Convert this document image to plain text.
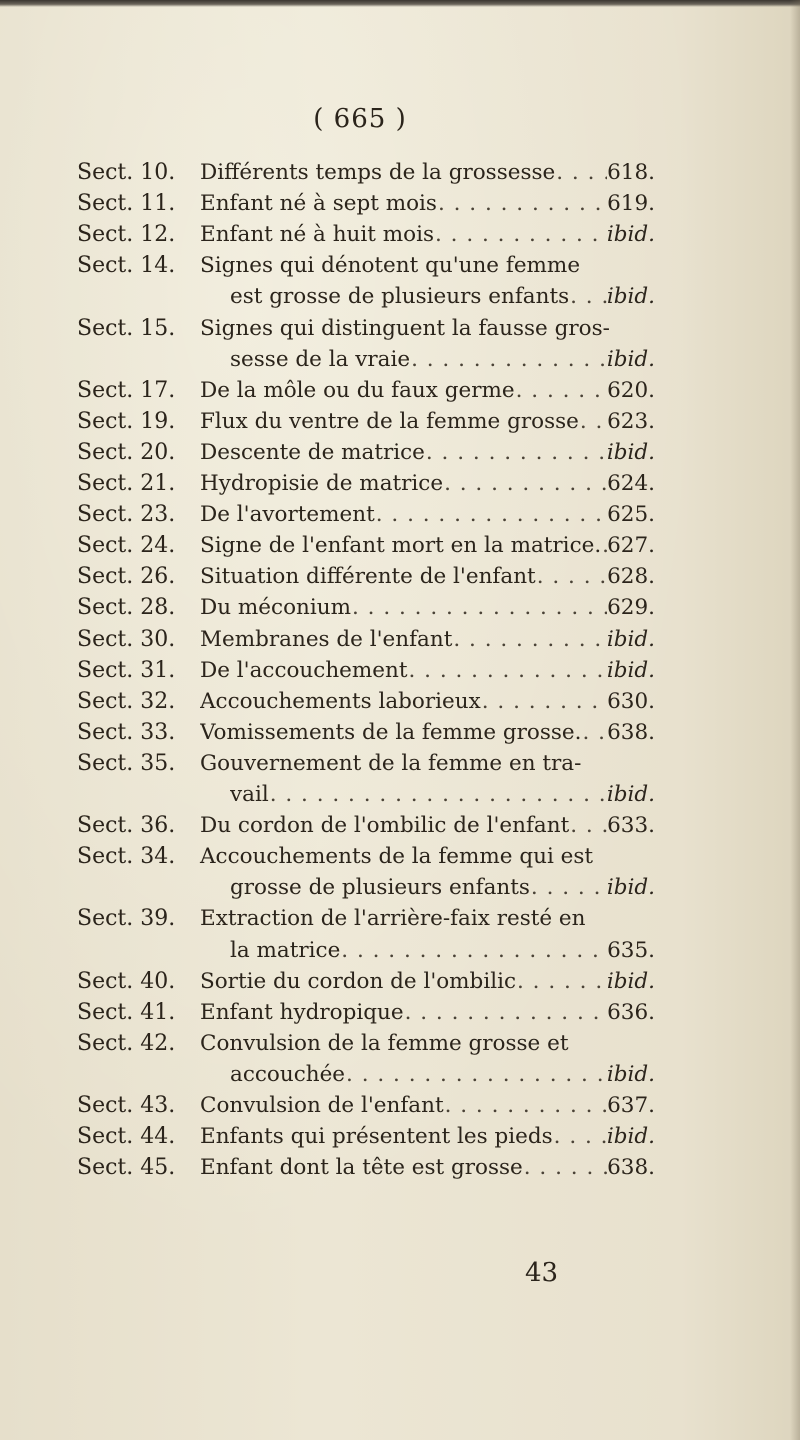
( 665 )
Sect. 10. Différents temps de la grossesse . . . 618.
Sect. 11. Enfant né à sept mois . . .	619.
Sect. 12. Enfant né à huit mois . . .	ibid.
Sect. 14. Signes qui dénotent qu'une femme
est grosse de plusieurs enfants . . . ibid.
Sect. 15. Signes qui distinguent la fausse gros-
sesse de la vraie . . .	ibid.
Sect. 17. De la môle ou du faux germe . . .	620.
Sect. 19. Flux du ventre de la femme grosse . . . 623.
Sect. 20. Descente de matrice . . .	ibid.
Sect. 21. Hydropisie de matrice . . .	624.
Sect. 23. De l'avortement . . .	625.
Sect. 24. Signe de l'enfant mort en la matrice. . . . 627.
Sect. 26. Situation différente de l'enfant . . .	628.
Sect. 28. Du méconium . . .	629.
Sect. 30. Membranes de l'enfant . . .	ibid.
Sect. 31. De l'accouchement . . .	ibid.
Sect. 32. Accouchements laborieux . . .	630.
Sect. 33. Vomissements de la femme grosse. . . . 638.
Sect. 35. Gouvernement de la femme en tra-
vail . . .	ibid.
Sect. 36. Du cordon de l'ombilic de l'enfant . . . 633.
Sect. 34. Accouchements de la femme qui est
grosse de plusieurs enfants . . .	ibid.
Sect. 39. Extraction de l'arrière-faix resté en
la matrice . . .	635.
Sect. 40. Sortie du cordon de l'ombilic . . .	ibid.
Sect. 41. Enfant hydropique . . .	636.
Sect. 42. Convulsion de la femme grosse et
accouchée . . .	ibid.
Sect. 43. Convulsion de l'enfant . . .	637.
Sect. 44. Enfants qui présentent les pieds . . .	ibid.
Sect. 45. Enfant dont la tête est grosse . . .	638.
43
